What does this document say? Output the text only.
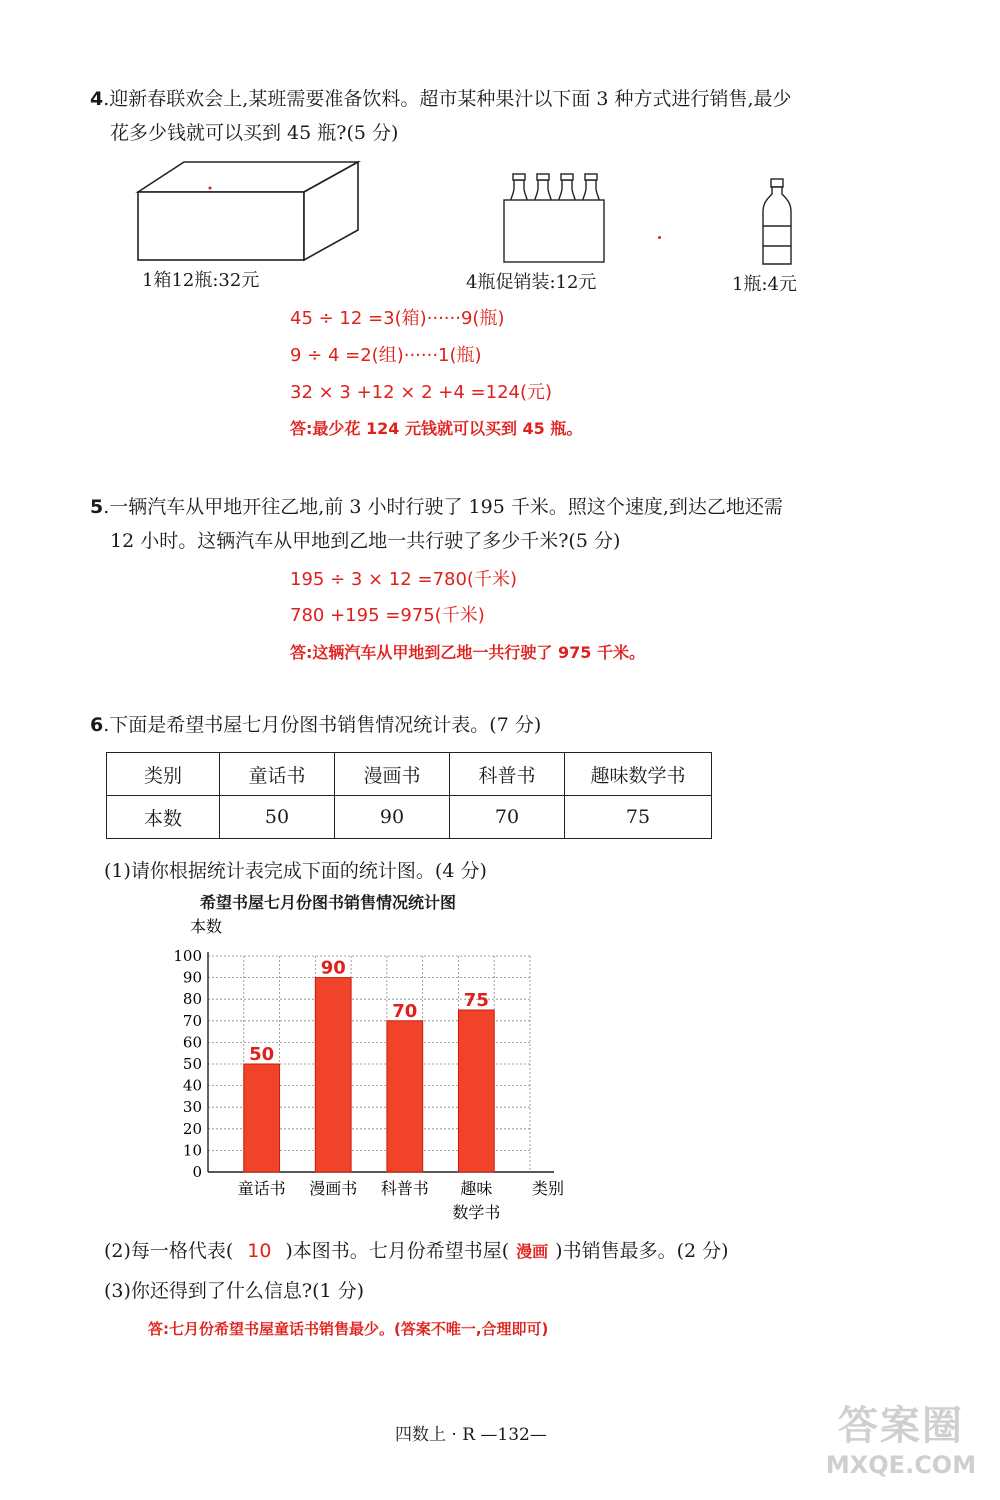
4.迎新春联欢会上,某班需要准备饮料。超市某种果汁以下面 3 种方式进行销售,最少
花多少钱就可以买到 45 瓶?(5 分)
1箱12瓶:32元	4瓶促销装:12元	1瓶:4元
45 ÷ 12 =3(箱)······9(瓶)
9 ÷ 4 =2(组)······1(瓶)
32 × 3 +12 × 2 +4 =124(元)
答:最少花 124 元钱就可以买到 45 瓶。
5.一辆汽车从甲地开往乙地,前 3 小时行驶了 195 千米。照这个速度,到达乙地还需
12 小时。这辆汽车从甲地到乙地一共行驶了多少千米?(5 分)
195 ÷ 3 × 12 =780(千米)
780 +195 =975(千米)
答:这辆汽车从甲地到乙地一共行驶了 975 千米。
6.下面是希望书屋七月份图书销售情况统计表。(7 分)
类别	童话书	漫画书	科普书	趣味数学书
本数	50	90	70	75
(1)请你根据统计表完成下面的统计图。(4 分)
希望书屋七月份图书销售情况统计图
本数
0
10
20
30
40
50
60
70
80
90
100
50
90
70
75
童话书 漫画书 科普书 趣味
数学书
类别
(2)每一格代表( 10 )本图书。七月份希望书屋( 漫画 )书销售最多。(2 分)
(3)你还得到了什么信息?(1 分)
答:七月份希望书屋童话书销售最少。(答案不唯一,合理即可)
四数上 · R —132—	答案圈
MXQE.COM
